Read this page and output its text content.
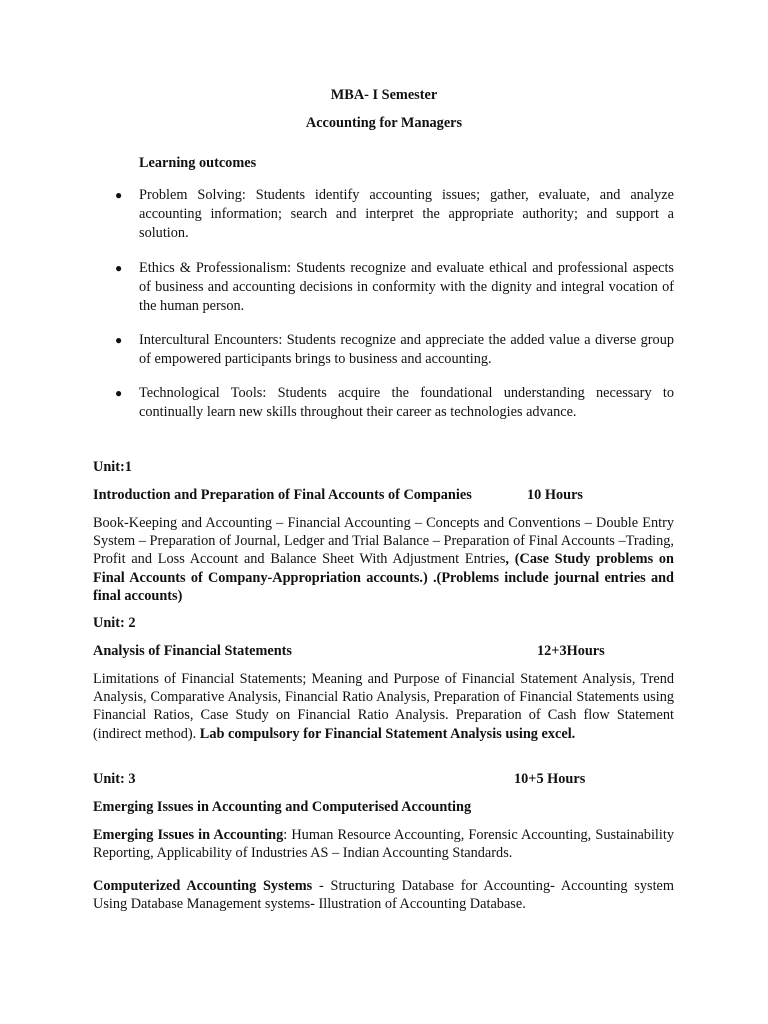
MBA- I Semester
Accounting for Managers
Learning outcomes
● Problem Solving: Students identify accounting issues; gather, evaluate, and analyze accounting information; search and interpret the appropriate authority; and support a solution.
● Ethics & Professionalism: Students recognize and evaluate ethical and professional aspects of business and accounting decisions in conformity with the dignity and integral vocation of the human person.
● Intercultural Encounters: Students recognize and appreciate the added value a diverse group of empowered participants brings to business and accounting.
● Technological Tools: Students acquire the foundational understanding necessary to continually learn new skills throughout their career as technologies advance.
Unit:1
Introduction and Preparation of Final Accounts of Companies	10 Hours
Book-Keeping and Accounting – Financial Accounting – Concepts and Conventions – Double Entry System – Preparation of Journal, Ledger and Trial Balance – Preparation of Final Accounts –Trading, Profit and Loss Account and Balance Sheet With Adjustment Entries, (Case Study problems on Final Accounts of Company-Appropriation accounts.) .(Problems include journal entries and final accounts)
Unit: 2
Analysis of Financial Statements	12+3Hours
Limitations of Financial Statements; Meaning and Purpose of Financial Statement Analysis, Trend Analysis, Comparative Analysis, Financial Ratio Analysis, Preparation of Financial Statements using Financial Ratios, Case Study on Financial Ratio Analysis. Preparation of Cash flow Statement (indirect method). Lab compulsory for Financial Statement Analysis using excel.
Unit: 3	10+5 Hours
Emerging Issues in Accounting and Computerised Accounting
Emerging Issues in Accounting: Human Resource Accounting, Forensic Accounting, Sustainability Reporting, Applicability of Industries AS – Indian Accounting Standards.
Computerized Accounting Systems - Structuring Database for Accounting- Accounting system Using Database Management systems- Illustration of Accounting Database.
